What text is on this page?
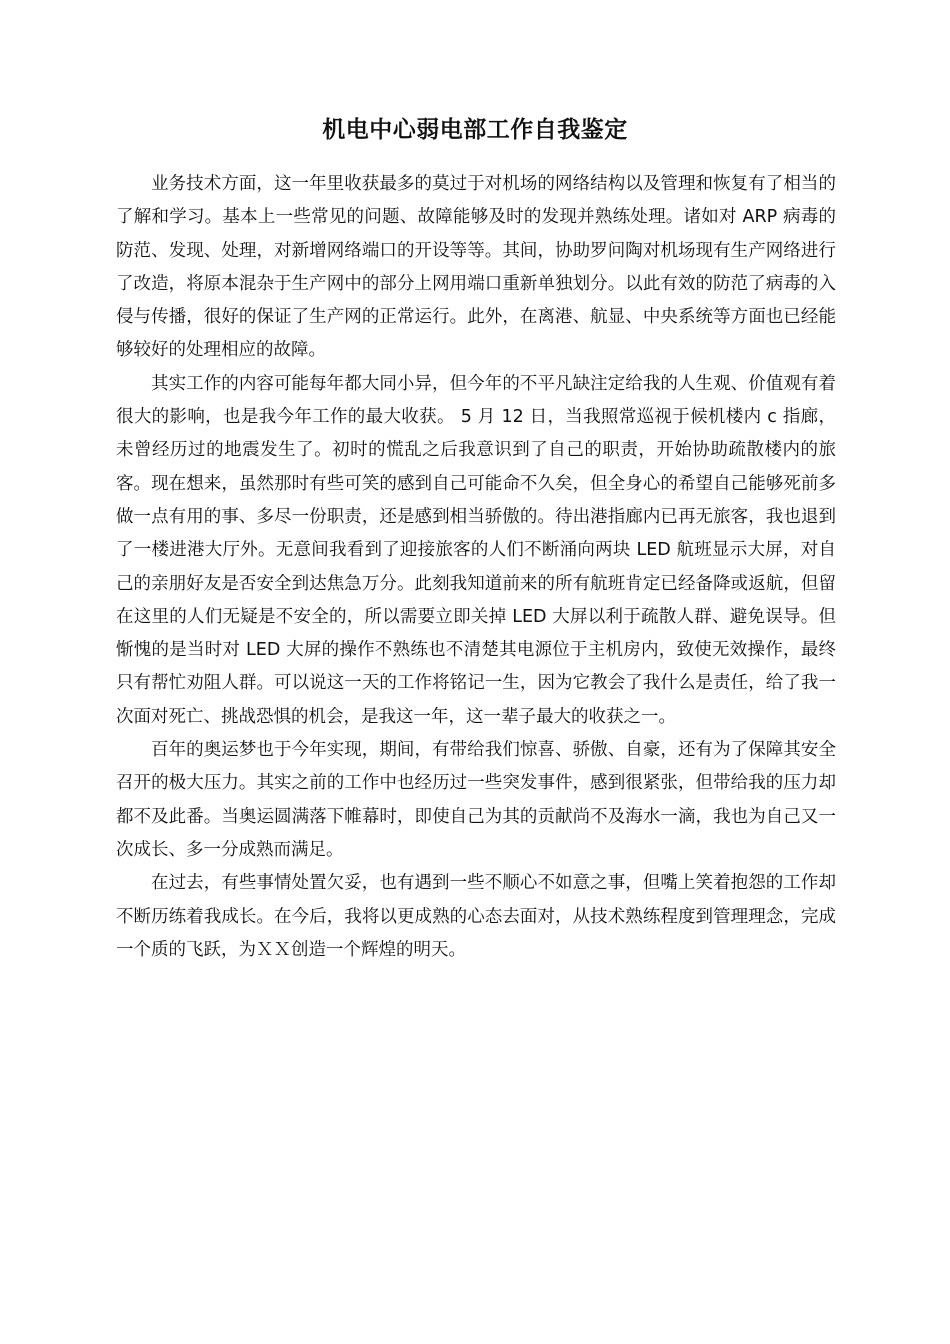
机电中心弱电部工作自我鉴定

业务技术方面，这一年里收获最多的莫过于对机场的网络结构以及管理和恢复有了相当的了解和学习。基本上一些常见的问题、故障能够及时的发现并熟练处理。诸如对 ARP 病毒的防范、发现、处理，对新增网络端口的开设等等。其间，协助罗问陶对机场现有生产网络进行了改造，将原本混杂于生产网中的部分上网用端口重新单独划分。以此有效的防范了病毒的入侵与传播，很好的保证了生产网的正常运行。此外，在离港、航显、中央系统等方面也已经能够较好的处理相应的故障。

其实工作的内容可能每年都大同小异，但今年的不平凡缺注定给我的人生观、价值观有着很大的影响，也是我今年工作的最大收获。 5 月 12 日，当我照常巡视于候机楼内 c 指廊，未曾经历过的地震发生了。初时的慌乱之后我意识到了自己的职责，开始协助疏散楼内的旅客。现在想来，虽然那时有些可笑的感到自己可能命不久矣，但全身心的希望自己能够死前多做一点有用的事、多尽一份职责，还是感到相当骄傲的。待出港指廊内已再无旅客，我也退到了一楼进港大厅外。无意间我看到了迎接旅客的人们不断涌向两块 LED 航班显示大屏，对自己的亲朋好友是否安全到达焦急万分。此刻我知道前来的所有航班肯定已经备降或返航，但留在这里的人们无疑是不安全的，所以需要立即关掉 LED 大屏以利于疏散人群、避免误导。但惭愧的是当时对 LED 大屏的操作不熟练也不清楚其电源位于主机房内，致使无效操作，最终只有帮忙劝阻人群。可以说这一天的工作将铭记一生，因为它教会了我什么是责任，给了我一次面对死亡、挑战恐惧的机会，是我这一年，这一辈子最大的收获之一。

百年的奥运梦也于今年实现，期间，有带给我们惊喜、骄傲、自豪，还有为了保障其安全召开的极大压力。其实之前的工作中也经历过一些突发事件，感到很紧张，但带给我的压力却都不及此番。当奥运圆满落下帷幕时，即使自己为其的贡献尚不及海水一滴，我也为自己又一次成长、多一分成熟而满足。

在过去，有些事情处置欠妥，也有遇到一些不顺心不如意之事，但嘴上笑着抱怨的工作却不断历练着我成长。在今后，我将以更成熟的心态去面对，从技术熟练程度到管理理念，完成一个质的飞跃，为ＸＸ创造一个辉煌的明天。
